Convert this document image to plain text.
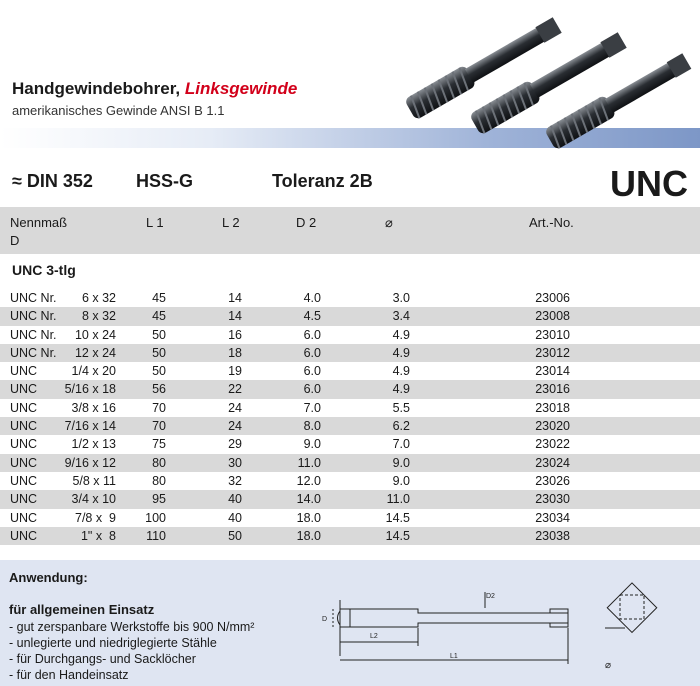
Handgewindebohrer, Linksgewinde
amerikanisches Gewinde ANSI B 1.1
≈ DIN 352 HSS-G	Toleranz 2B	UNC
Nennmaß
D
L 1	L 2	D 2	⌀	Art.-No.
UNC 3-tlg
UNC Nr.	6 x 32	45	14	4.0	3.0	23006
UNC Nr.	8 x 32	45	14	4.5	3.4	23008
UNC Nr.	10 x 24	50	16	6.0	4.9	23010
UNC Nr.	12 x 24	50	18	6.0	4.9	23012
UNC	1/4 x 20	50	19	6.0	4.9	23014
UNC	5/16 x 18	56	22	6.0	4.9	23016
UNC	3/8 x 16	70	24	7.0	5.5	23018
UNC	7/16 x 14	70	24	8.0	6.2	23020
UNC	1/2 x 13	75	29	9.0	7.0	23022
UNC	9/16 x 12	80	30	11.0	9.0	23024
UNC	5/8 x 11	80	32	12.0	9.0	23026
UNC	3/4 x 10	95	40	14.0	11.0	23030
UNC	7/8 x  9	100	40	18.0	14.5	23034
UNC	1" x  8	110	50	18.0	14.5	23038
Anwendung:
für allgemeinen Einsatz
- gut zerspanbare Werkstoffe bis 900 N/mm²
- unlegierte und niedriglegierte Stähle
- für Durchgangs- und Sacklöcher
- für den Handeinsatz
D2
D
L2
L1
⌀
